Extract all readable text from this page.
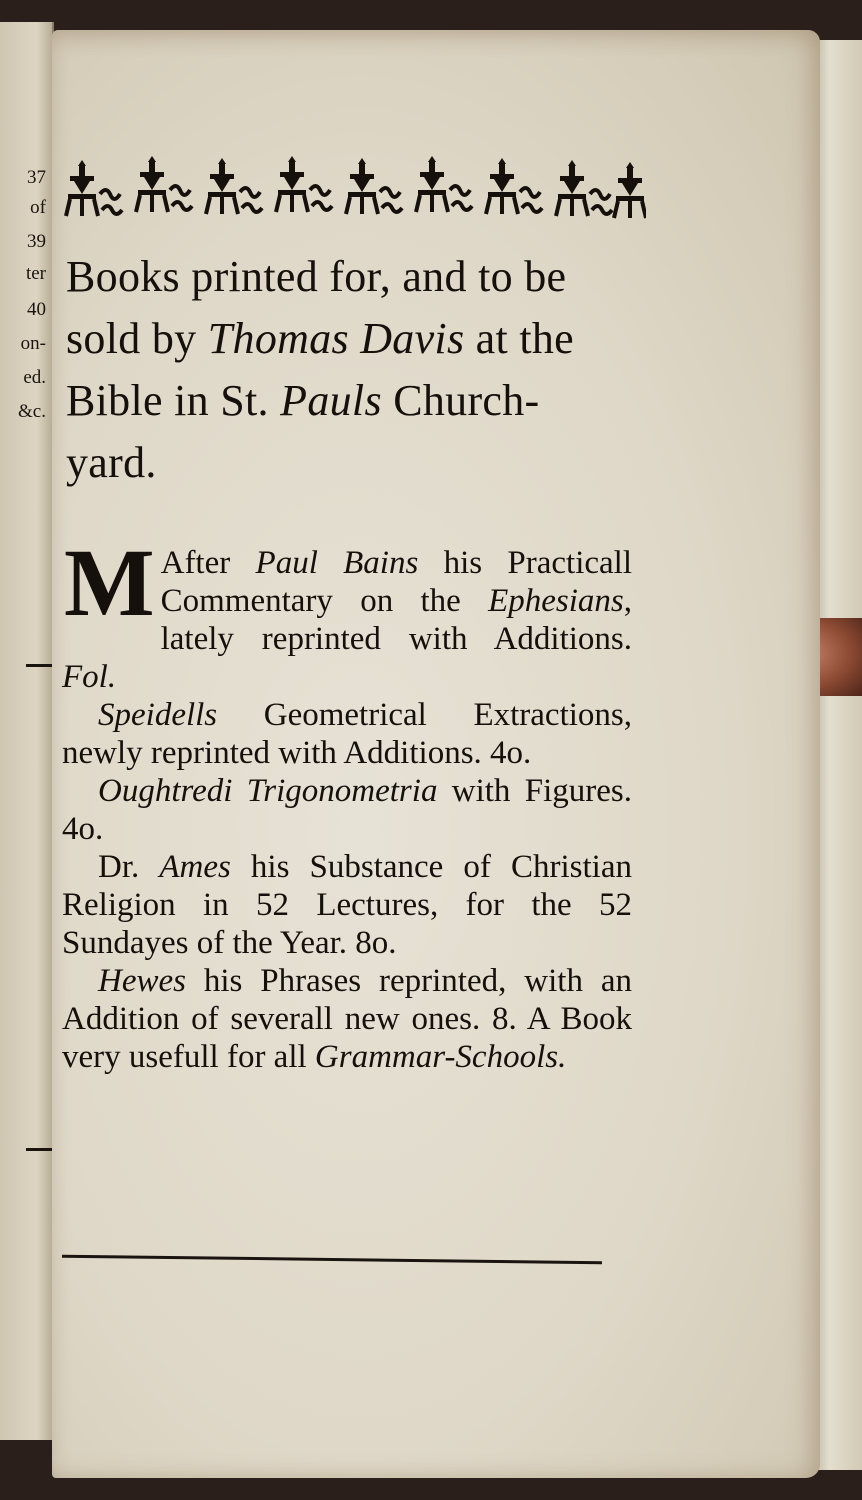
37
of
39
ter
40
on-
ed.
&c.
Books printed for, and to be
sold by Thomas Davis at the
Bible in St. Pauls Church-
yard.

M After Paul Bains his Practicall Commentary on the Ephesians, lately reprinted with Additions. Fol.

Speidells Geometrical Extractions, newly reprinted with Additions. 4o.

Oughtredi Trigonometria with Figures. 4o.

Dr. Ames his Substance of Christian Religion in 52 Lectures, for the 52 Sundayes of the Year. 8o.

Hewes his Phrases reprinted, with an Addition of severall new ones. 8. A Book very usefull for all Grammar-Schools.
